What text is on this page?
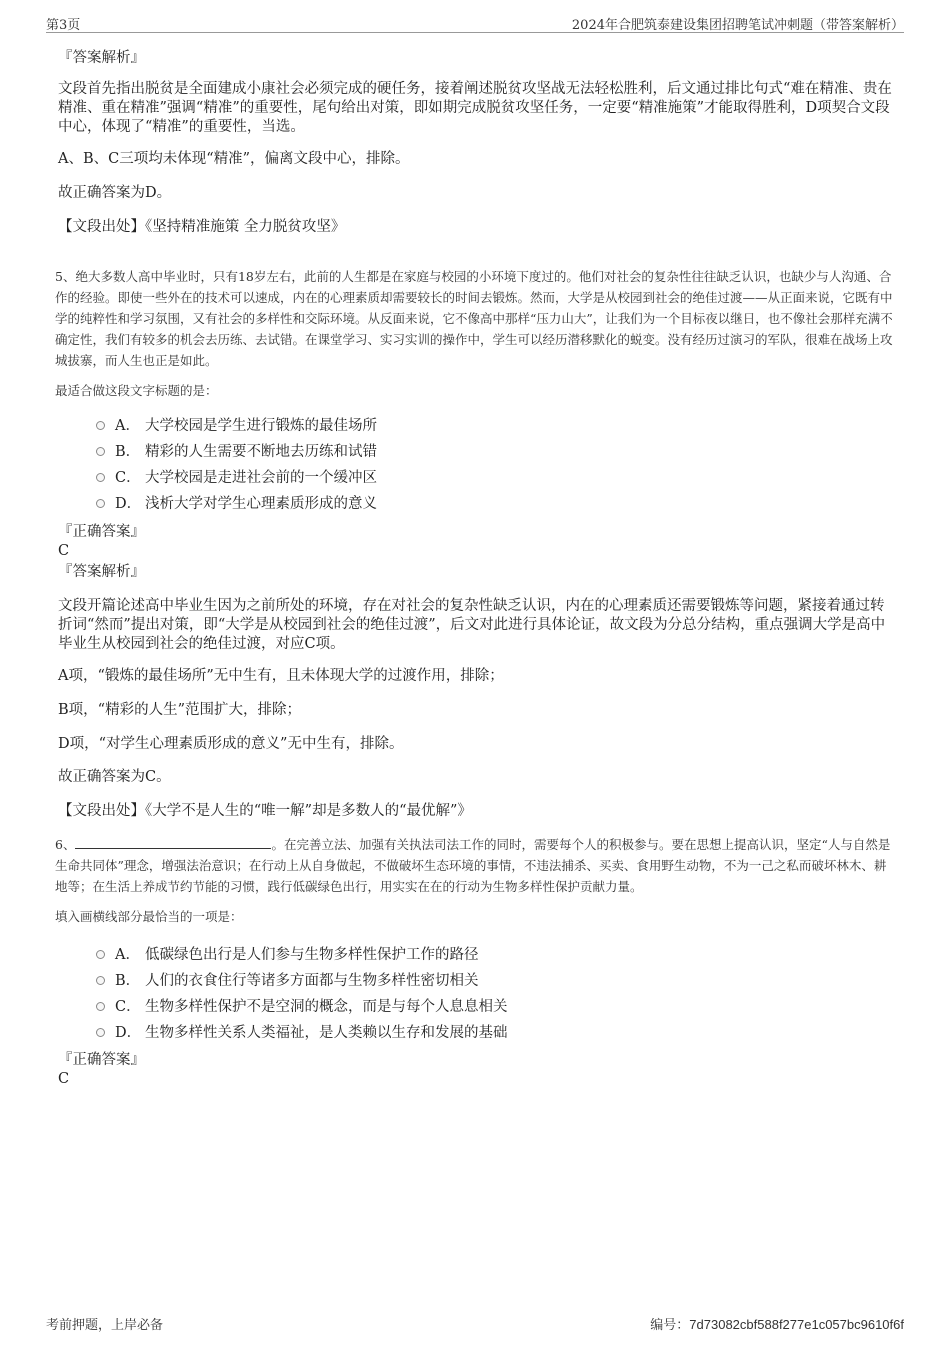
第3页	2024年合肥筑泰建设集团招聘笔试冲刺题（带答案解析）
『答案解析』
文段首先指出脱贫是全面建成小康社会必须完成的硬任务，接着阐述脱贫攻坚战无法轻松胜利，后文通过排比句式“难在精准、贵在精准、重在精准”强调“精准”的重要性，尾句给出对策，即如期完成脱贫攻坚任务，一定要“精准施策”才能取得胜利，D项契合文段中心，体现了“精准”的重要性，当选。
A、B、C三项均未体现“精准”，偏离文段中心，排除。
故正确答案为D。
【文段出处】《坚持精准施策 全力脱贫攻坚》
5、绝大多数人高中毕业时，只有18岁左右，此前的人生都是在家庭与校园的小环境下度过的。他们对社会的复杂性往往缺乏认识，也缺少与人沟通、合作的经验。即使一些外在的技术可以速成，内在的心理素质却需要较长的时间去锻炼。然而，大学是从校园到社会的绝佳过渡——从正面来说，它既有中学的纯粹性和学习氛围，又有社会的多样性和交际环境。从反面来说，它不像高中那样“压力山大”，让我们为一个目标夜以继日，也不像社会那样充满不确定性，我们有较多的机会去历练、去试错。在课堂学习、实习实训的操作中，学生可以经历潜移默化的蜕变。没有经历过演习的军队，很难在战场上攻城拔寨，而人生也正是如此。
最适合做这段文字标题的是：
A． 大学校园是学生进行锻炼的最佳场所
B． 精彩的人生需要不断地去历练和试错
C． 大学校园是走进社会前的一个缓冲区
D． 浅析大学对学生心理素质形成的意义
『正确答案』
C
『答案解析』
文段开篇论述高中毕业生因为之前所处的环境，存在对社会的复杂性缺乏认识，内在的心理素质还需要锻炼等问题，紧接着通过转折词“然而”提出对策，即“大学是从校园到社会的绝佳过渡”，后文对此进行具体论证，故文段为分总分结构，重点强调大学是高中毕业生从校园到社会的绝佳过渡，对应C项。
A项，“锻炼的最佳场所”无中生有，且未体现大学的过渡作用，排除；
B项，“精彩的人生”范围扩大，排除；
D项，“对学生心理素质形成的意义”无中生有，排除。
故正确答案为C。
【文段出处】《大学不是人生的“唯一解”却是多数人的“最优解”》
6、	。在完善立法、加强有关执法司法工作的同时，需要每个人的积极参与。要在思想上提高认识，坚定“人与自然是生命共同体”理念，增强法治意识；在行动上从自身做起，不做破坏生态环境的事情，不违法捕杀、买卖、食用野生动物，不为一己之私而破坏林木、耕地等；在生活上养成节约节能的习惯，践行低碳绿色出行，用实实在在的行动为生物多样性保护贡献力量。
填入画横线部分最恰当的一项是：
A． 低碳绿色出行是人们参与生物多样性保护工作的路径
B． 人们的衣食住行等诸多方面都与生物多样性密切相关
C． 生物多样性保护不是空洞的概念，而是与每个人息息相关
D． 生物多样性关系人类福祉，是人类赖以生存和发展的基础
『正确答案』
C
考前押题，上岸必备	编号：7d73082cbf588f277e1c057bc9610f6f
